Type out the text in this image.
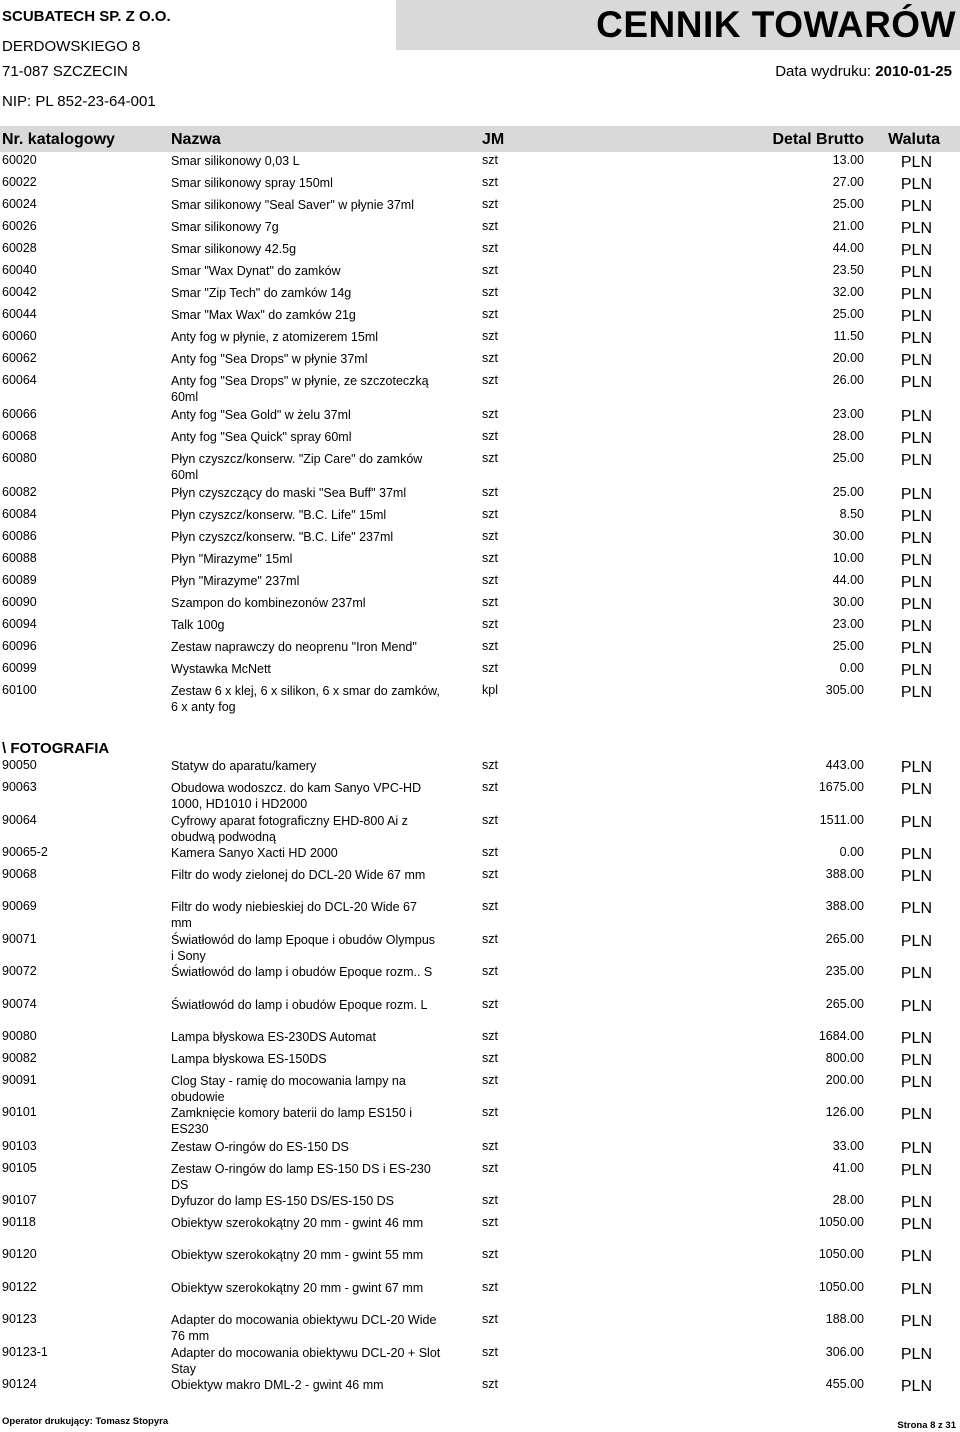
SCUBATECH SP. Z O.O.
DERDOWSKIEGO 8
71-087 SZCZECIN
NIP: PL 852-23-64-001
CENNIK TOWARÓW
Data wydruku: 2010-01-25
Nr. katalogowy	Nazwa	JM	Detal Brutto Waluta
60020	Smar silikonowy 0,03 L	szt	13.00 PLN
60022	Smar silikonowy spray 150ml	szt	27.00 PLN
60024	Smar silikonowy "Seal Saver" w płynie 37ml	szt	25.00 PLN
60026	Smar silikonowy 7g	szt	21.00 PLN
60028	Smar silikonowy 42.5g	szt	44.00 PLN
60040	Smar "Wax Dynat" do zamków	szt	23.50 PLN
60042	Smar "Zip Tech" do zamków 14g	szt	32.00 PLN
60044	Smar "Max Wax" do zamków 21g	szt	25.00 PLN
60060	Anty fog w płynie, z atomizerem 15ml	szt	11.50 PLN
60062	Anty fog "Sea Drops" w płynie 37ml	szt	20.00 PLN
60064	Anty fog "Sea Drops" w płynie, ze szczoteczką 60ml
szt	26.00 PLN
60066	Anty fog "Sea Gold" w żelu 37ml	szt	23.00 PLN
60068	Anty fog "Sea Quick" spray 60ml	szt	28.00 PLN
60080	Płyn czyszcz/konserw. "Zip Care" do zamków 60ml
szt	25.00 PLN
60082	Płyn czyszczący do maski "Sea Buff" 37ml	szt	25.00 PLN
60084	Płyn czyszcz/konserw. "B.C. Life" 15ml	szt	8.50 PLN
60086	Płyn czyszcz/konserw. "B.C. Life" 237ml	szt	30.00 PLN
60088	Płyn "Mirazyme" 15ml	szt	10.00 PLN
60089	Płyn "Mirazyme" 237ml	szt	44.00 PLN
60090	Szampon do kombinezonów 237ml	szt	30.00 PLN
60094	Talk 100g	szt	23.00 PLN
60096	Zestaw naprawczy do neoprenu "Iron Mend"	szt	25.00 PLN
60099	Wystawka McNett	szt	0.00 PLN
60100	Zestaw 6 x klej, 6 x silikon, 6 x smar do zamków, 6 x anty fog
kpl	305.00 PLN
\ FOTOGRAFIA
90050	Statyw do aparatu/kamery	szt	443.00 PLN
90063	Obudowa wodoszcz. do kam Sanyo VPC-HD 1000, HD1010 i HD2000
szt	1675.00 PLN
90064	Cyfrowy aparat fotograficzny EHD-800 Ai z obudwą podwodną
szt	1511.00 PLN
90065-2	Kamera Sanyo Xacti HD 2000	szt	0.00 PLN
90068	Filtr do wody zielonej do DCL-20 Wide 67 mm	szt	388.00 PLN
90069	Filtr do wody niebieskiej do DCL-20 Wide 67 mm
szt	388.00 PLN
90071	Światłowód do lamp Epoque i obudów Olympus i Sony
szt	265.00 PLN
90072	Światłowód do lamp i obudów Epoque rozm.. S	szt	235.00 PLN
90074	Światłowód do lamp i obudów Epoque rozm. L	szt	265.00 PLN
90080	Lampa błyskowa ES-230DS Automat	szt	1684.00 PLN
90082	Lampa błyskowa ES-150DS	szt	800.00 PLN
90091	Clog Stay - ramię do mocowania lampy na obudowie
szt	200.00 PLN
90101	Zamknięcie komory baterii do lamp ES150 i ES230
szt	126.00 PLN
90103	Zestaw O-ringów do ES-150 DS	szt	33.00 PLN
90105	Zestaw O-ringów do lamp ES-150 DS i ES-230 DS
szt	41.00 PLN
90107	Dyfuzor do lamp ES-150 DS/ES-150 DS	szt	28.00 PLN
90118	Obiektyw szerokokątny 20 mm - gwint 46 mm	szt	1050.00 PLN
90120	Obiektyw szerokokątny 20 mm - gwint 55 mm	szt	1050.00 PLN
90122	Obiektyw szerokokątny 20 mm - gwint 67 mm	szt	1050.00 PLN
90123	Adapter do mocowania obiektywu DCL-20 Wide 76 mm
szt	188.00 PLN
90123-1	Adapter do mocowania obiektywu DCL-20 + Slot Stay
szt	306.00 PLN
90124	Obiektyw makro DML-2 - gwint 46 mm	szt	455.00 PLN
Operator drukujący: Tomasz Stopyra	Strona 8 z 31
